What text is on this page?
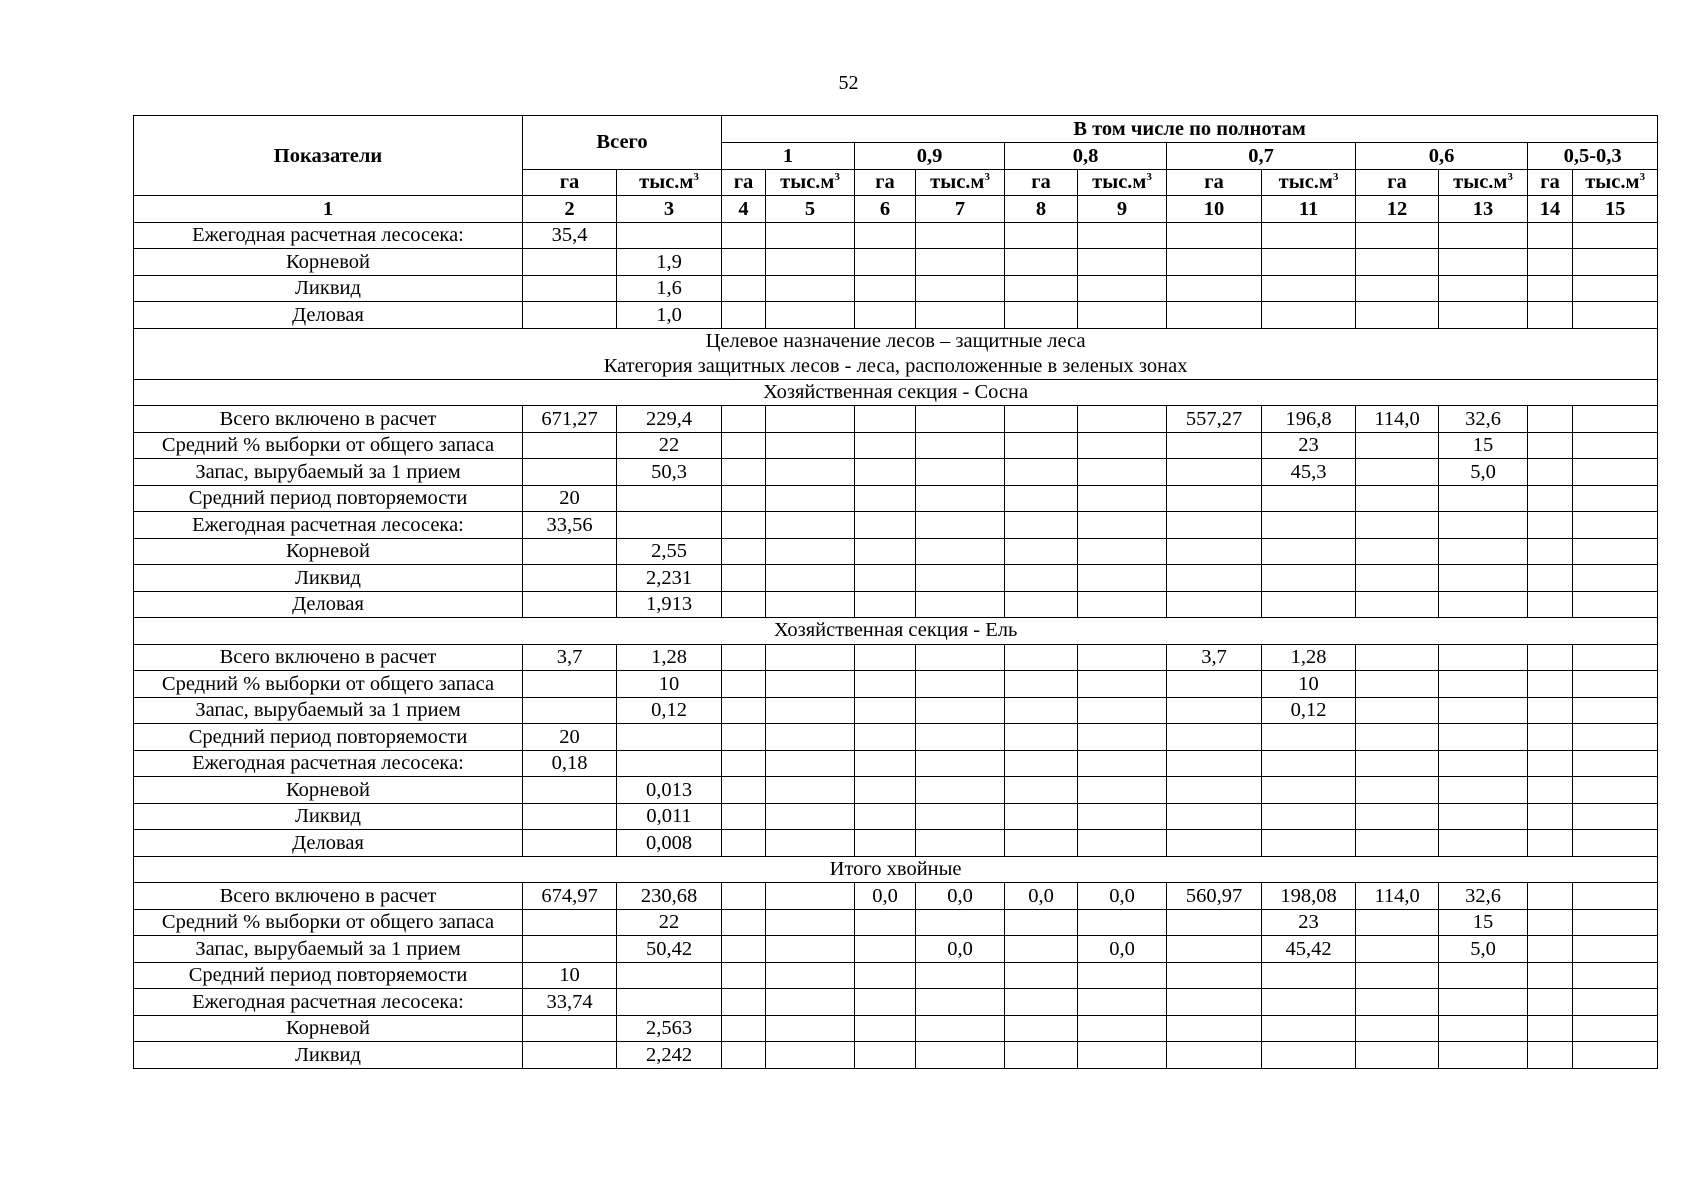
52
Показатели	Всего		В том числе по полнотам											
			1		0,9		0,8		0,7		0,6		0,5-0,3	
	га	$тыс.м^3$	га	$тыс.м^3$	га	$тыс.м^3$	га	$тыс.м^3$	га	$тыс.м^3$	га	$тыс.м^3$	га	$тыс.м^3$
1	2	3	4	5	6	7	8	9	10	11	12	13	14	15
Ежегодная расчетная лесосека:	35,4													
Корневой		1,9												
Ликвид		1,6												
Деловая		1,0												

Целевое назначение лесов – защитные леса
Категория защитных лесов - леса, расположенные в зеленых зонах														

Хозяйственная секция - Сосна														

Всего включено в расчет	671,27	229,4							557,27	196,8	114,0	32,6		
Средний % выборки от общего запаса		22								23		15		
Запас, вырубаемый за 1 прием		50,3								45,3		5,0		
Средний период повторяемости	20													
Ежегодная расчетная лесосека:	33,56													
Корневой		2,55												
Ликвид		2,231												
Деловая		1,913												

Хозяйственная секция - Ель														

Всего включено в расчет	3,7	1,28							3,7	1,28				
Средний % выборки от общего запаса		10								10				
Запас, вырубаемый за 1 прием		0,12								0,12				
Средний период повторяемости	20													
Ежегодная расчетная лесосека:	0,18													
Корневой		0,013												
Ликвид		0,011												
Деловая		0,008												

Итого хвойные														

Всего включено в расчет	674,97	230,68			0,0	0,0	0,0	0,0	560,97	198,08	114,0	32,6		
Средний % выборки от общего запаса		22								23		15		
Запас, вырубаемый за 1 прием		50,42				0,0		0,0		45,42		5,0		
Средний период повторяемости	10													
Ежегодная расчетная лесосека:	33,74													
Корневой		2,563												
Ликвид		2,242												
